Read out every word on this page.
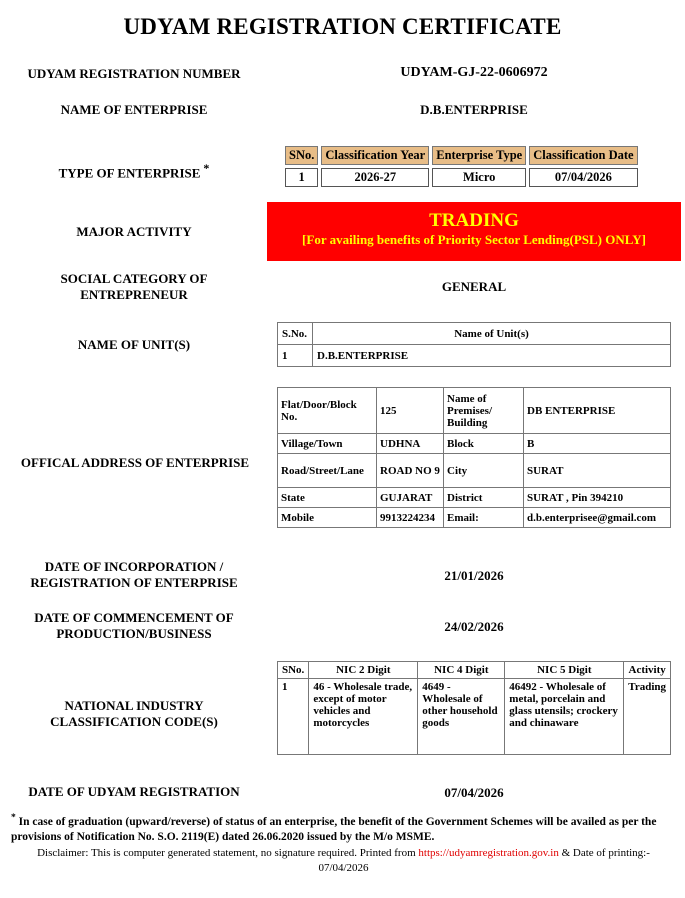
UDYAM REGISTRATION CERTIFICATE
UDYAM REGISTRATION NUMBER	UDYAM-GJ-22-0606972
NAME OF ENTERPRISE	D.B.ENTERPRISE
TYPE OF ENTERPRISE *
SNo.	Classification Year	Enterprise Type	Classification Date
1	2026-27	Micro	07/04/2026
MAJOR ACTIVITY
TRADING
[For availing benefits of Priority Sector Lending(PSL) ONLY]
SOCIAL CATEGORY OF
ENTREPRENEUR
GENERAL
NAME OF UNIT(S)
S.No.	Name of Unit(s)
1	D.B.ENTERPRISE
OFFICAL ADDRESS OF ENTERPRISE
Flat/Door/Block No.	125	Name of Premises/ Building	DB ENTERPRISE
Village/Town	UDHNA	Block	B
Road/Street/Lane	ROAD NO 9	City	SURAT
State	GUJARAT	District	SURAT , Pin 394210
Mobile	9913224234	Email:	d.b.enterprisee@gmail.com
DATE OF INCORPORATION /
REGISTRATION OF ENTERPRISE	21/01/2026
DATE OF COMMENCEMENT OF
PRODUCTION/BUSINESS	24/02/2026
NATIONAL INDUSTRY
CLASSIFICATION CODE(S)
SNo.	NIC 2 Digit	NIC 4 Digit	NIC 5 Digit	Activity
1	46 - Wholesale trade, except of motor vehicles and motorcycles	4649 - Wholesale of other household goods	46492 - Wholesale of metal, porcelain and glass utensils; crockery and chinaware	Trading
DATE OF UDYAM REGISTRATION	07/04/2026
* In case of graduation (upward/reverse) of status of an enterprise, the benefit of the Government Schemes will be availed as per the provisions of Notification No. S.O. 2119(E) dated 26.06.2020 issued by the M/o MSME.
Disclaimer: This is computer generated statement, no signature required. Printed from https://udyamregistration.gov.in & Date of printing:- 07/04/2026
